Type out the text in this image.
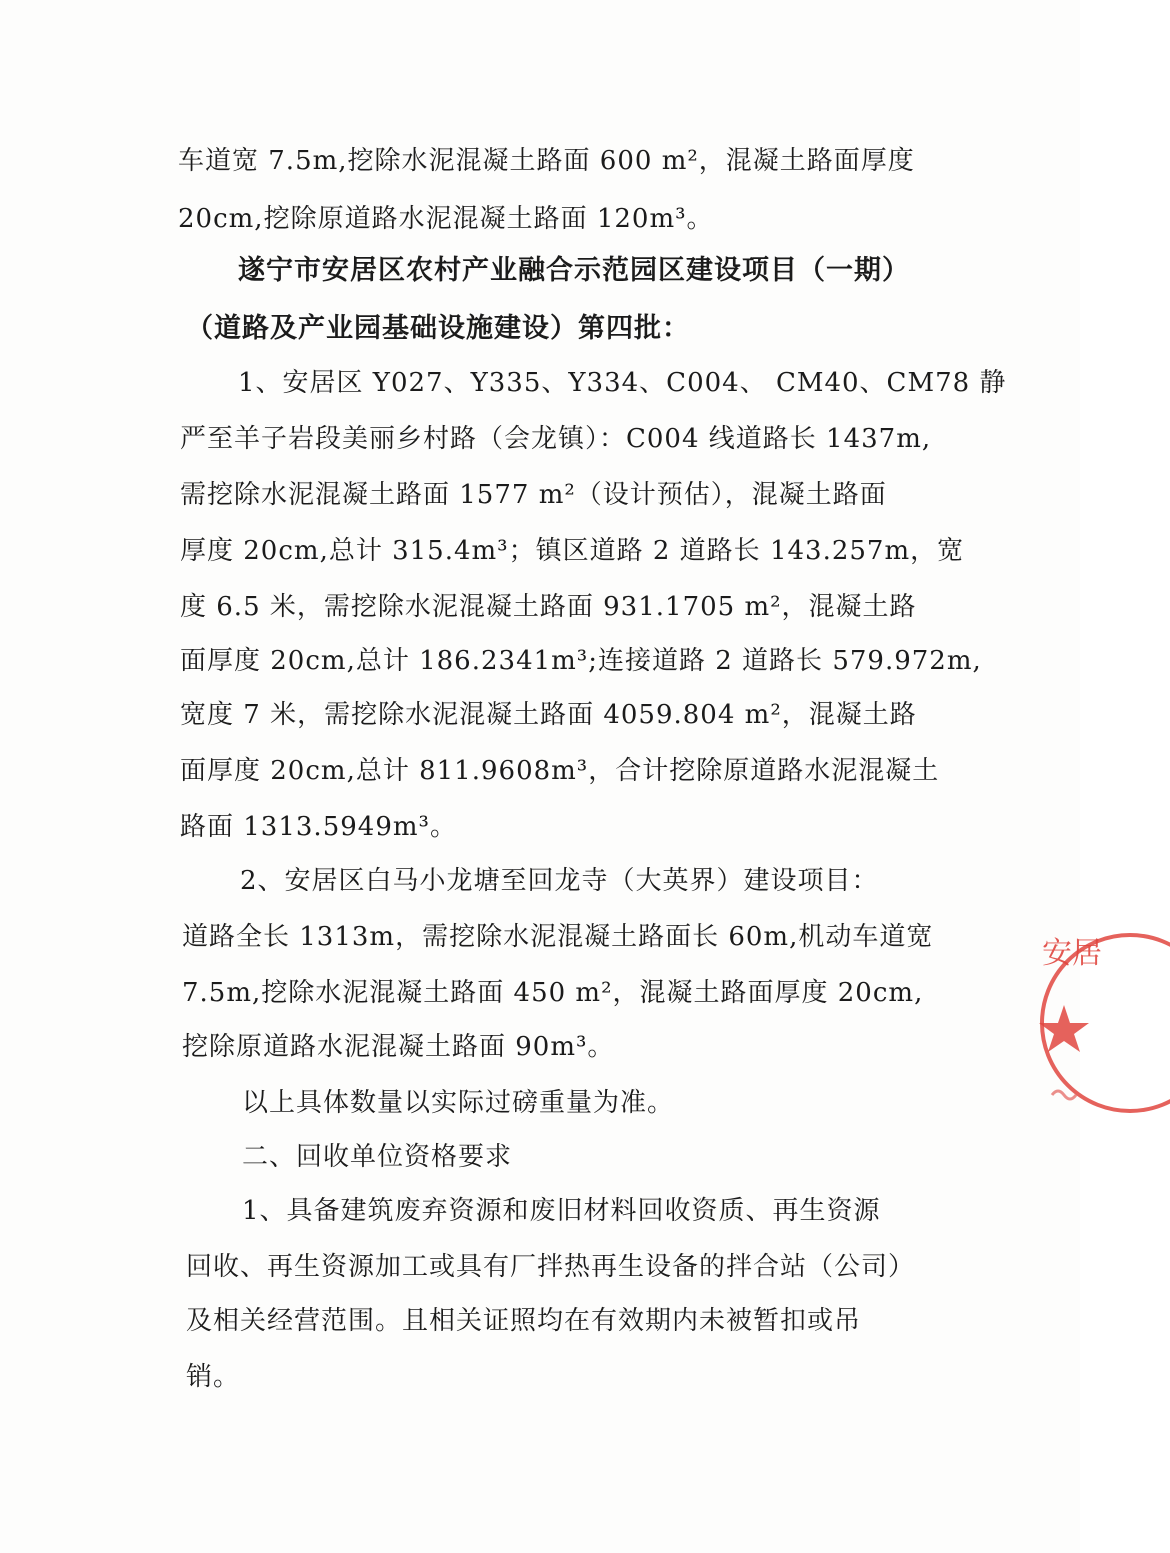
车道宽 7.5m,挖除水泥混凝土路面 600 m²，混凝土路面厚度
20cm,挖除原道路水泥混凝土路面 120m³。
遂宁市安居区农村产业融合示范园区建设项目（一期）
（道路及产业园基础设施建设）第四批：
1、安居区 Y027、Y335、Y334、C004、 CM40、CM78 静
严至羊子岩段美丽乡村路（会龙镇）：C004 线道路长 1437m,
需挖除水泥混凝土路面 1577 m²（设计预估），混凝土路面
厚度 20cm,总计 315.4m³；镇区道路 2 道路长 143.257m，宽
度 6.5 米，需挖除水泥混凝土路面 931.1705 m²，混凝土路
面厚度 20cm,总计 186.2341m³;连接道路 2 道路长 579.972m,
宽度 7 米，需挖除水泥混凝土路面 4059.804 m²，混凝土路
面厚度 20cm,总计 811.9608m³，合计挖除原道路水泥混凝土
路面 1313.5949m³。
2、安居区白马小龙塘至回龙寺（大英界）建设项目：
道路全长 1313m，需挖除水泥混凝土路面长 60m,机动车道宽
7.5m,挖除水泥混凝土路面 450 m²，混凝土路面厚度 20cm,
挖除原道路水泥混凝土路面 90m³。
以上具体数量以实际过磅重量为准。
二、回收单位资格要求
1、具备建筑废弃资源和废旧材料回收资质、再生资源
回收、再生资源加工或具有厂拌热再生设备的拌合站（公司）
及相关经营范围。且相关证照均在有效期内未被暂扣或吊
销。
安居
